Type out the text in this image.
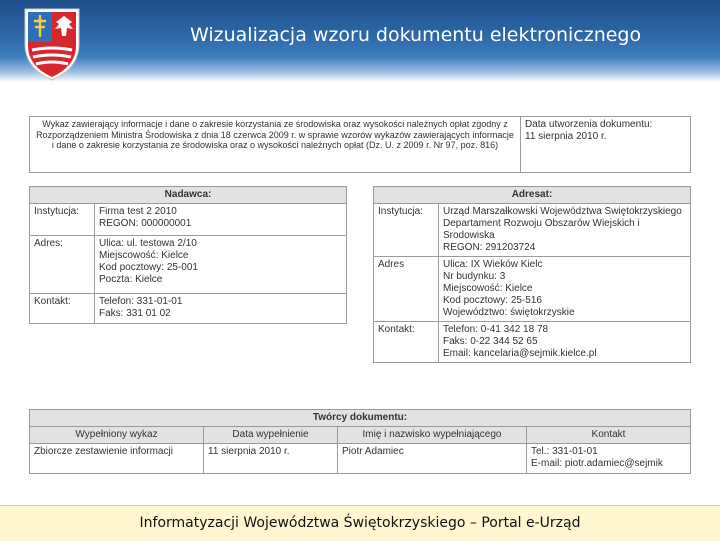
Wizualizacja wzoru dokumentu elektronicznego
Wykaz zawierający informacje i dane o zakresie korzystania ze środowiska oraz wysokości należnych opłat zgodny z Rozporządzeniem Ministra Środowiska z dnia 18 czerwca 2009 r. w sprawie wzorów wykazów zawierających informacje i dane o zakresie korzystania ze środowiska oraz o wysokości należnych opłat (Dz. U. z 2009 r. Nr 97, poz. 816)	
Data utworzenia dokumentu:
11 sierpnia 2010 r.
Nadawca:	
Instytucja:	Firma test 2 2010
REGON: 000000001

Adres:	Ulica: ul. testowa 2/10
Miejscowość: Kielce
Kod pocztowy: 25-001
Poczta: Kielce

Kontakt:	Telefon: 331-01-01
Faks: 331 01 02
Adresat:	
Instytucja:	Urząd Marszałkowski Województwa Świętokrzyskiego
Departament Rozwoju Obszarów Wiejskich i
Środowiska
REGON: 291203724

Adres	Ulica: IX Wieków Kielc
Nr budynku: 3
Miejscowość: Kielce
Kod pocztowy: 25-516
Województwo: świętokrzyskie

Kontakt:	Telefon: 0-41 342 18 78
Faks: 0-22 344 52 65
Email: kancelaria@sejmik.kielce.pl
Twórcy dokumentu:			
Wypełniony wykaz	Data wypełnienie	Imię i nazwisko wypełniającego	Kontakt
Zbiorcze zestawienie informacji	11 sierpnia 2010 r.	Piotr Adamiec	Tel.: 331-01-01
E-mail: piotr.adamiec@sejmik
Informatyzacji Województwa Świętokrzyskiego – Portal e-Urząd
